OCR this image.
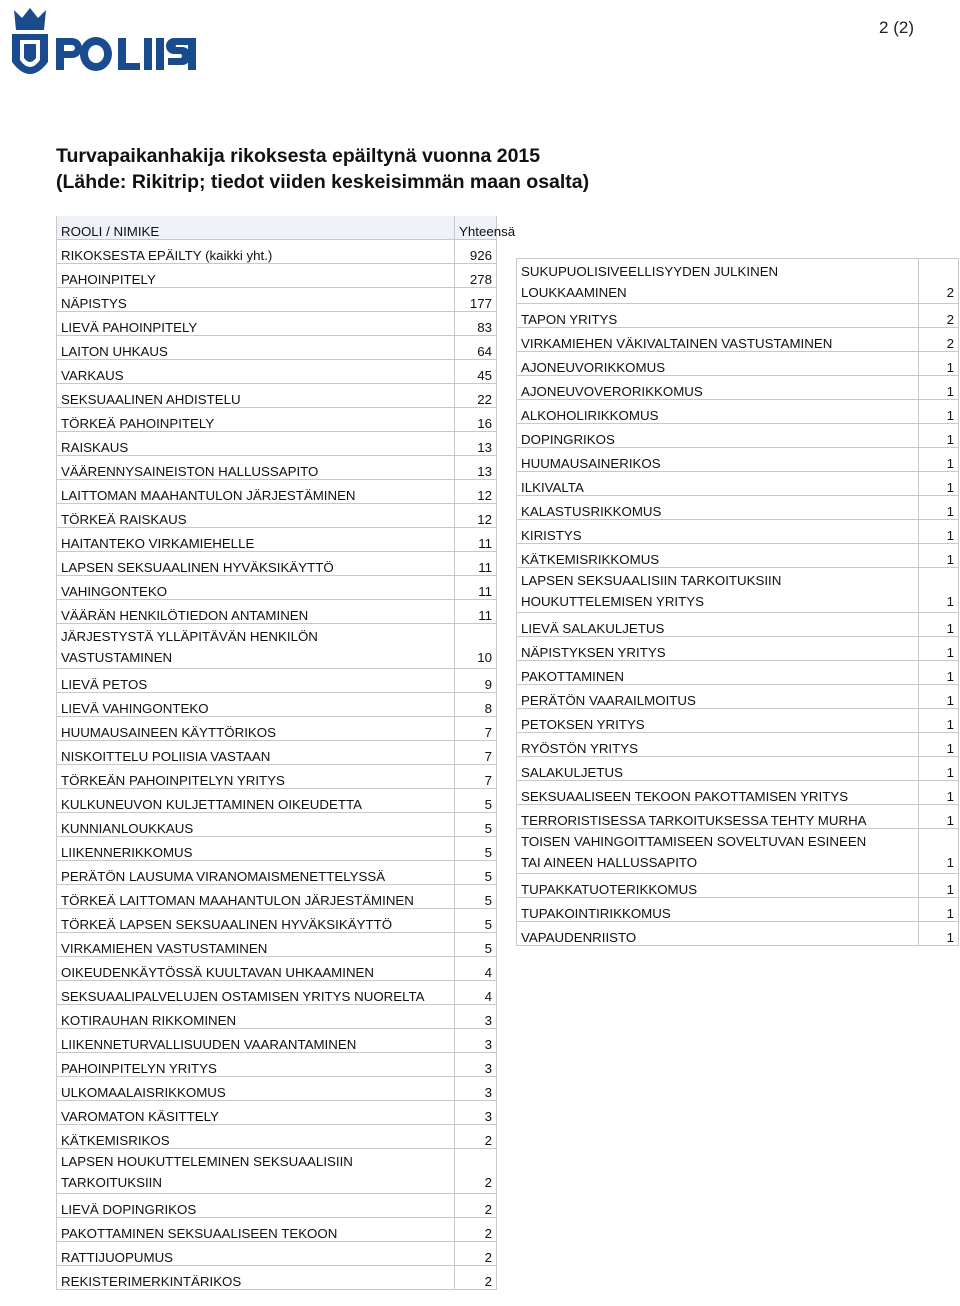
2 (2)
Turvapaikanhakija rikoksesta epäiltynä vuonna 2015
(Lähde: Rikitrip; tiedot viiden keskeisimmän maan osalta)
ROOLI / NIMIKE	Yhteensä

RIKOKSESTA EPÄILTY (kaikki yht.)	926

PAHOINPITELY	278

NÄPISTYS	177

LIEVÄ PAHOINPITELY	83

LAITON UHKAUS	64

VARKAUS	45

SEKSUAALINEN AHDISTELU	22

TÖRKEÄ PAHOINPITELY	16

RAISKAUS	13

VÄÄRENNYSAINEISTON HALLUSSAPITO	13

LAITTOMAN MAAHANTULON JÄRJESTÄMINEN	12

TÖRKEÄ RAISKAUS	12

HAITANTEKO VIRKAMIEHELLE	11

LAPSEN SEKSUAALINEN HYVÄKSIKÄYTTÖ	11

VAHINGONTEKO	11

VÄÄRÄN HENKILÖTIEDON ANTAMINEN	11

JÄRJESTYSTÄ YLLÄPITÄVÄN HENKILÖN
VASTUSTAMINEN	10

LIEVÄ PETOS	9

LIEVÄ VAHINGONTEKO	8

HUUMAUSAINEEN KÄYTTÖRIKOS	7

NISKOITTELU POLIISIA VASTAAN	7

TÖRKEÄN PAHOINPITELYN YRITYS	7

KULKUNEUVON KULJETTAMINEN OIKEUDETTA	5

KUNNIANLOUKKAUS	5

LIIKENNERIKKOMUS	5

PERÄTÖN LAUSUMA VIRANOMAISMENETTELYSSÄ	5

TÖRKEÄ LAITTOMAN MAAHANTULON JÄRJESTÄMINEN	5

TÖRKEÄ LAPSEN SEKSUAALINEN HYVÄKSIKÄYTTÖ	5

VIRKAMIEHEN VASTUSTAMINEN	5

OIKEUDENKÄYTÖSSÄ KUULTAVAN UHKAAMINEN	4

SEKSUAALIPALVELUJEN OSTAMISEN YRITYS NUORELTA	4

KOTIRAUHAN RIKKOMINEN	3

LIIKENNETURVALLISUUDEN VAARANTAMINEN	3

PAHOINPITELYN YRITYS	3

ULKOMAALAISRIKKOMUS	3

VAROMATON KÄSITTELY	3

KÄTKEMISRIKOS	2

LAPSEN HOUKUTTELEMINEN SEKSUAALISIIN
TARKOITUKSIIN	2

LIEVÄ DOPINGRIKOS	2

PAKOTTAMINEN SEKSUAALISEEN TEKOON	2

RATTIJUOPUMUS	2

REKISTERIMERKINTÄRIKOS	2
SUKUPUOLISIVEELLISYYDEN JULKINEN
LOUKKAAMINEN	2

TAPON YRITYS	2

VIRKAMIEHEN VÄKIVALTAINEN VASTUSTAMINEN	2

AJONEUVORIKKOMUS	1

AJONEUVOVERORIKKOMUS	1

ALKOHOLIRIKKOMUS	1

DOPINGRIKOS	1

HUUMAUSAINERIKOS	1

ILKIVALTA	1

KALASTUSRIKKOMUS	1

KIRISTYS	1

KÄTKEMISRIKKOMUS	1

LAPSEN SEKSUAALISIIN TARKOITUKSIIN
HOUKUTTELEMISEN YRITYS	1

LIEVÄ SALAKULJETUS	1

NÄPISTYKSEN YRITYS	1

PAKOTTAMINEN	1

PERÄTÖN VAARAILMOITUS	1

PETOKSEN YRITYS	1

RYÖSTÖN YRITYS	1

SALAKULJETUS	1

SEKSUAALISEEN TEKOON PAKOTTAMISEN YRITYS	1

TERRORISTISESSA TARKOITUKSESSA TEHTY MURHA	1

TOISEN VAHINGOITTAMISEEN SOVELTUVAN ESINEEN
TAI AINEEN HALLUSSAPITO	1

TUPAKKATUOTERIKKOMUS	1

TUPAKOINTIRIKKOMUS	1

VAPAUDENRIISTO	1
